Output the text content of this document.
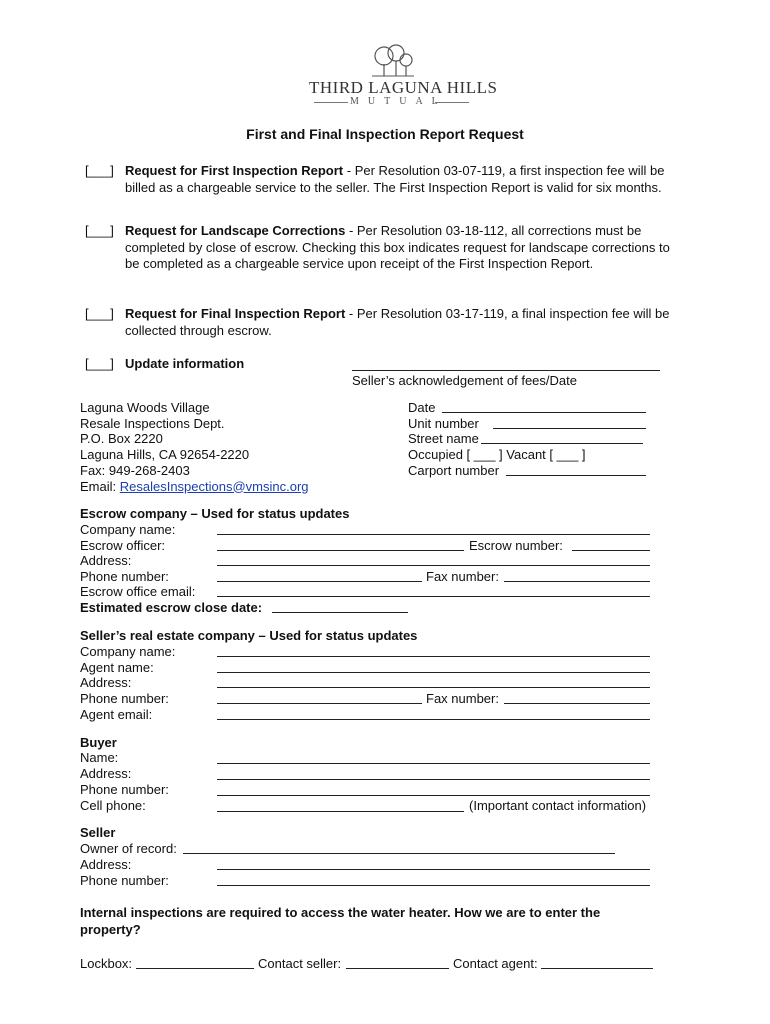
THIRD LAGUNA HILLS
MUTUAL
First and Final Inspection Report Request
[___] Request for First Inspection Report - Per Resolution 03-07-119, a first inspection fee will be billed as a chargeable service to the seller. The First Inspection Report is valid for six months.
[___] Request for Landscape Corrections - Per Resolution 03-18-112, all corrections must be completed by close of escrow. Checking this box indicates request for landscape corrections to be completed as a chargeable service upon receipt of the First Inspection Report.
[___] Request for Final Inspection Report - Per Resolution 03-17-119, a final inspection fee will be collected through escrow.
[___] Update information
Seller’s acknowledgement of fees/Date
Laguna Woods Village
Resale Inspections Dept.
P.O. Box 2220
Laguna Hills, CA 92654-2220
Fax: 949-268-2403
Email: ResalesInspections@vmsinc.org
Date
Unit number
Street name
Occupied [ ___ ] Vacant [ ___ ]
Carport number
Escrow company – Used for status updates
Company name:
Escrow officer:	Escrow number:
Address:
Phone number:	Fax number:
Escrow office email:
Estimated escrow close date:
Seller’s real estate company – Used for status updates
Company name:
Agent name:
Address:
Phone number:	Fax number:
Agent email:
Buyer
Name:
Address:
Phone number:
Cell phone:	(Important contact information)
Seller
Owner of record:
Address:
Phone number:
Internal inspections are required to access the water heater. How we are to enter the
property?
Lockbox:	Contact seller:	Contact agent:
